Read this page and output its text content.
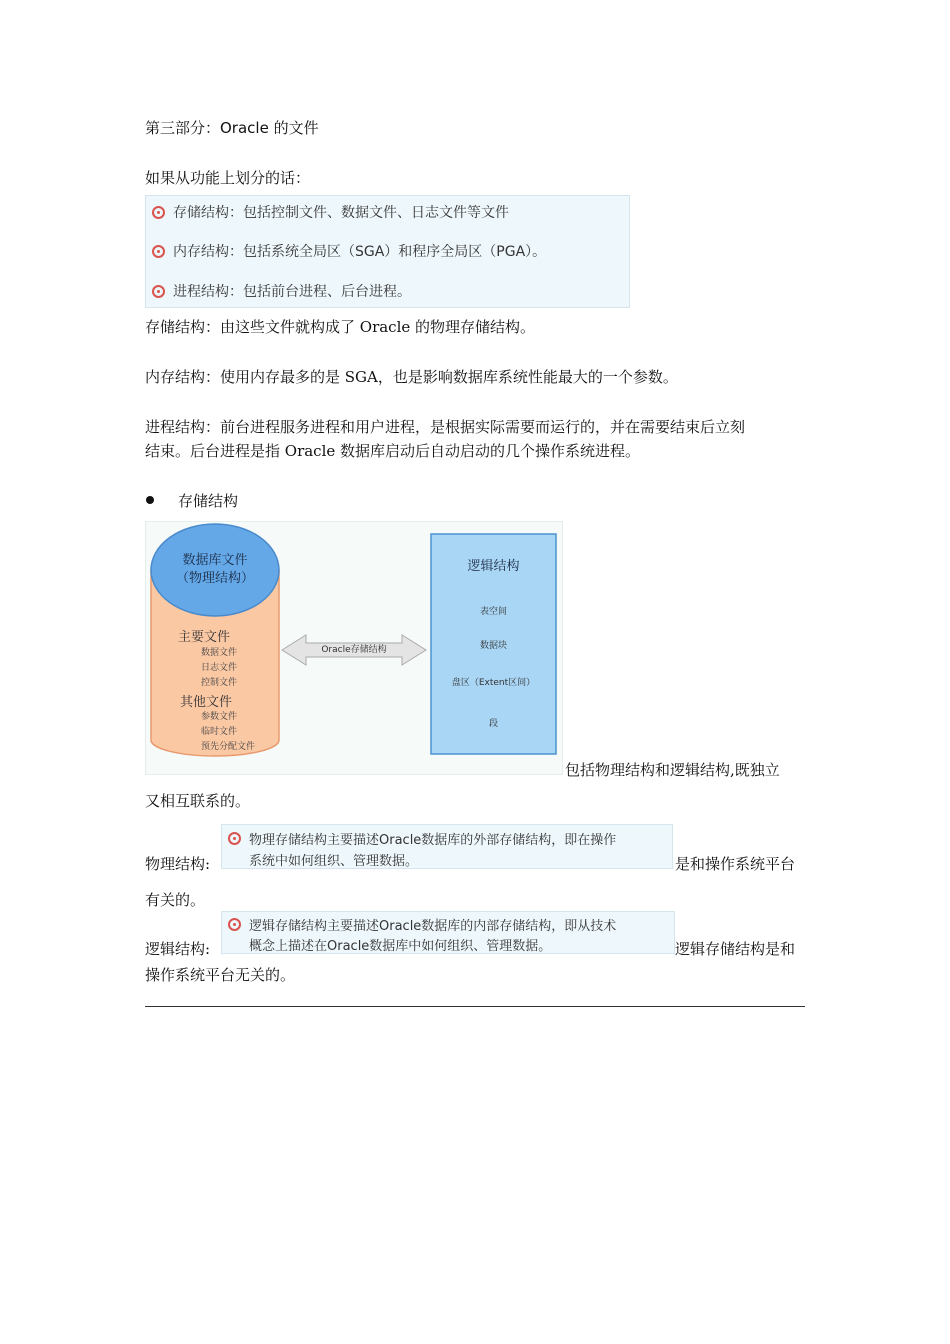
第三部分：Oracle 的文件
如果从功能上划分的话：
存储结构：包括控制文件、数据文件、日志文件等文件
内存结构：包括系统全局区（SGA）和程序全局区（PGA）。
进程结构：包括前台进程、后台进程。
存储结构：由这些文件就构成了 Oracle 的物理存储结构。
内存结构：使用内存最多的是 SGA，也是影响数据库系统性能最大的一个参数。
进程结构：前台进程服务进程和用户进程，是根据实际需要而运行的，并在需要结束后立刻
结束。后台进程是指 Oracle 数据库启动后自动启动的几个操作系统进程。
存储结构
数据库文件
（物理结构）
主要文件
数据文件
日志文件
控制文件
其他文件
参数文件
临时文件
预先分配文件
Oracle存储结构
逻辑结构
表空间
数据块
盘区（Extent区间）
段
包括物理结构和逻辑结构,既独立
又相互联系的。
物理结构:
物理存储结构主要描述Oracle数据库的外部存储结构，即在操作
系统中如何组织、管理数据。	是和操作系统平台
有关的。
逻辑结构:
逻辑存储结构主要描述Oracle数据库的内部存储结构，即从技术
概念上描述在Oracle数据库中如何组织、管理数据。	逻辑存储结构是和
操作系统平台无关的。
